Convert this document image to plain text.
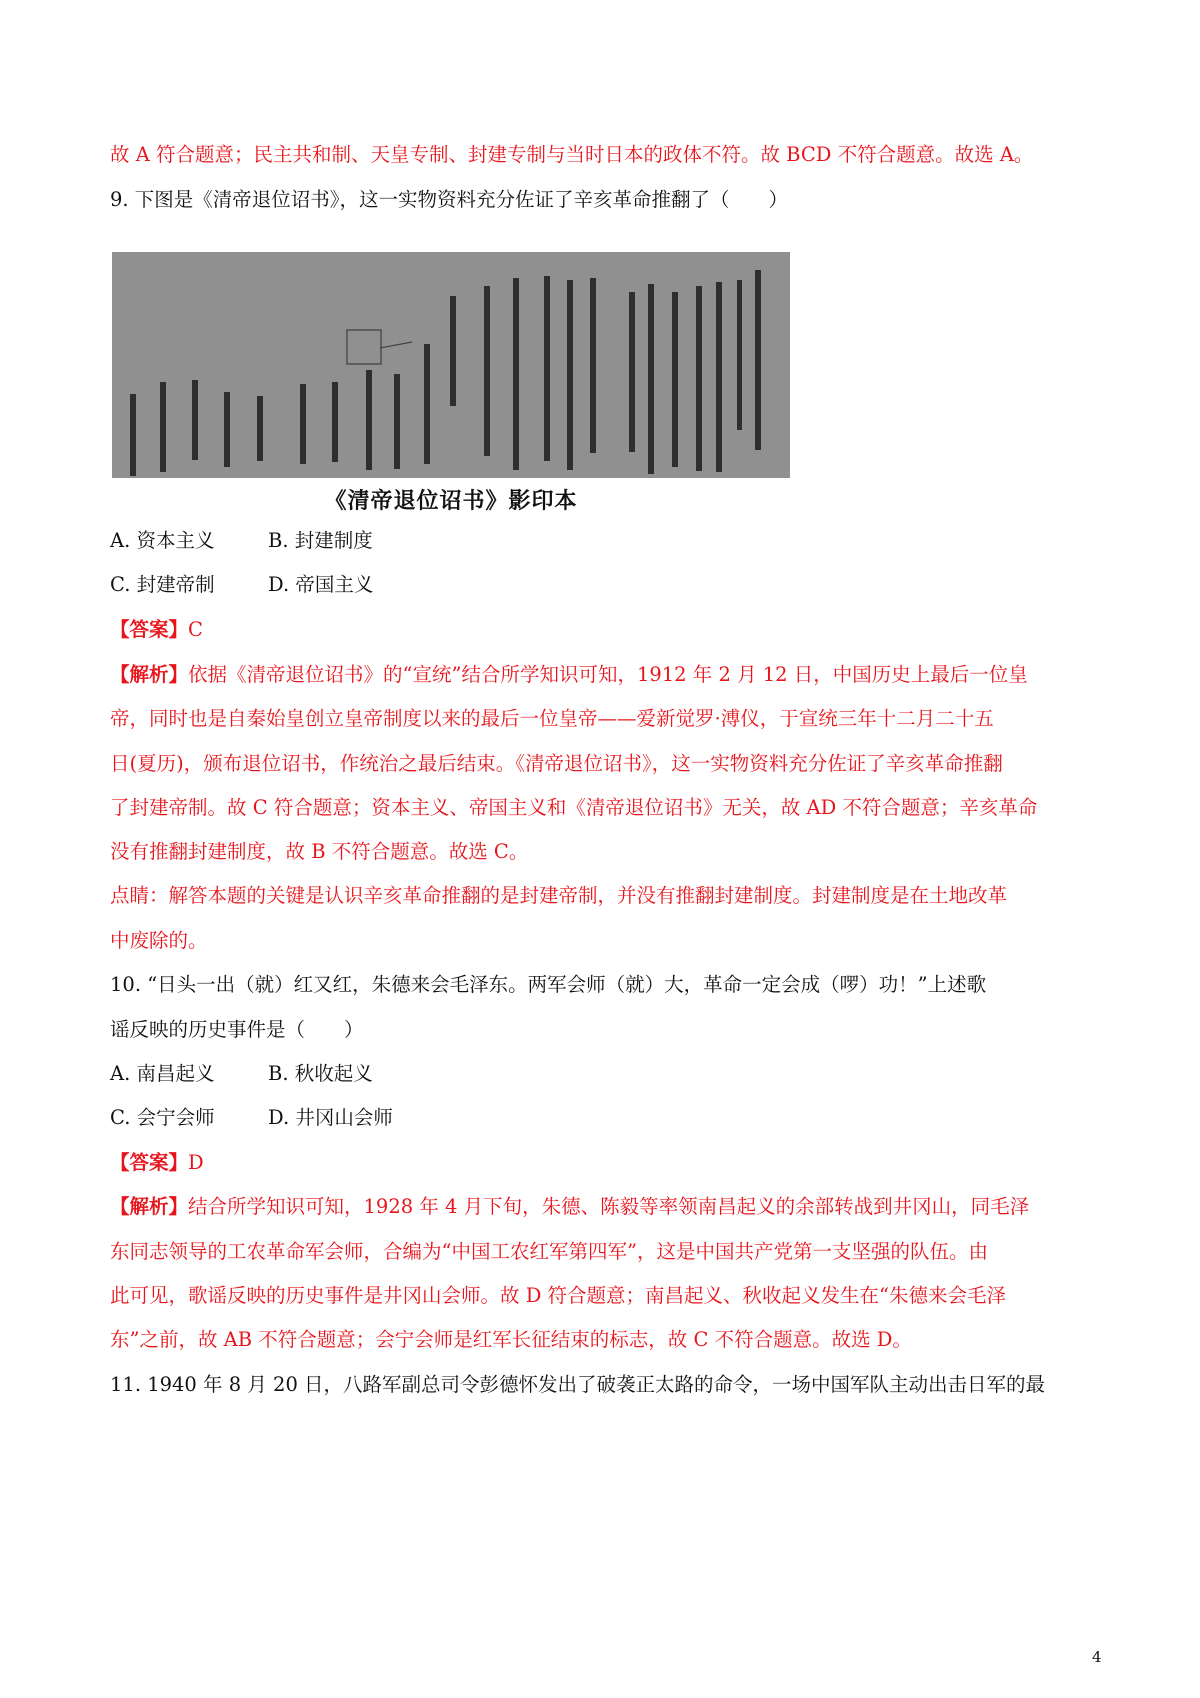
故 A 符合题意；民主共和制、天皇专制、封建专制与当时日本的政体不符。故 BCD 不符合题意。故选 A。
9. 下图是《清帝退位诏书》，这一实物资料充分佐证了辛亥革命推翻了（　　）
《清帝退位诏书》影印本
A. 资本主义	B. 封建制度
C. 封建帝制	D. 帝国主义
【答案】C
【解析】依据《清帝退位诏书》的“宣统”结合所学知识可知，1912 年 2 月 12 日，中国历史上最后一位皇
帝，同时也是自秦始皇创立皇帝制度以来的最后一位皇帝——爱新觉罗·溥仪，于宣统三年十二月二十五
日(夏历)，颁布退位诏书，作统治之最后结束。《清帝退位诏书》，这一实物资料充分佐证了辛亥革命推翻
了封建帝制。故 C 符合题意；资本主义、帝国主义和《清帝退位诏书》无关，故 AD 不符合题意；辛亥革命
没有推翻封建制度，故 B 不符合题意。故选 C。
点睛：解答本题的关键是认识辛亥革命推翻的是封建帝制，并没有推翻封建制度。封建制度是在土地改革
中废除的。
10. “日头一出（就）红又红，朱德来会毛泽东。两军会师（就）大，革命一定会成（啰）功！”上述歌
谣反映的历史事件是（　　）
A. 南昌起义	B. 秋收起义
C. 会宁会师	D. 井冈山会师
【答案】D
【解析】结合所学知识可知，1928 年 4 月下旬，朱德、陈毅等率领南昌起义的余部转战到井冈山，同毛泽
东同志领导的工农革命军会师，合编为“中国工农红军第四军”，这是中国共产党第一支坚强的队伍。由
此可见，歌谣反映的历史事件是井冈山会师。故 D 符合题意；南昌起义、秋收起义发生在“朱德来会毛泽
东”之前，故 AB 不符合题意；会宁会师是红军长征结束的标志，故 C 不符合题意。故选 D。
11. 1940 年 8 月 20 日，八路军副总司令彭德怀发出了破袭正太路的命令，一场中国军队主动出击日军的最
4
